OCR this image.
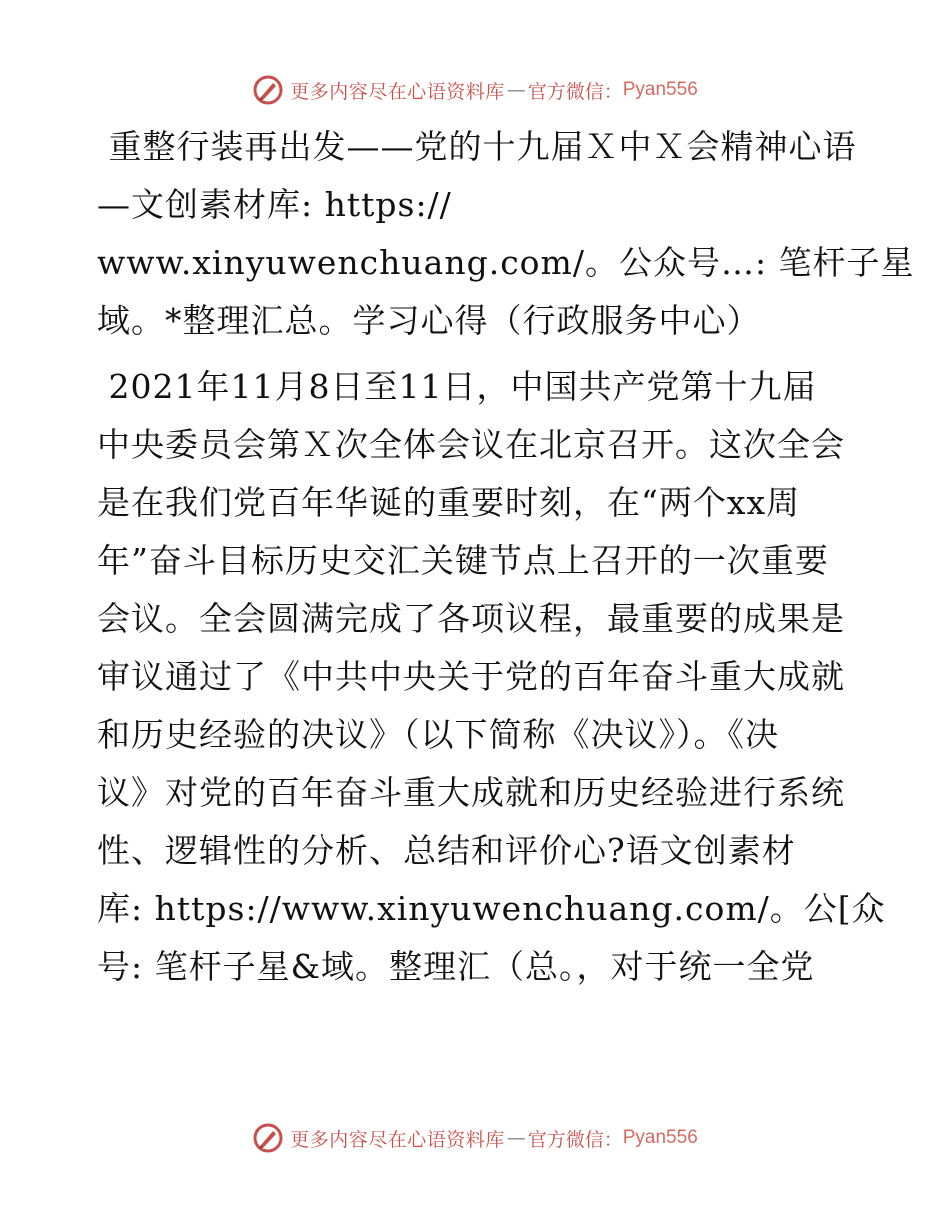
更多内容尽在心语资料库 — 官方微信： Pyan556
重整行装再出发——党的十九届Ｘ中Ｘ会精神心语
—文创素材库: https://
www.xinyuwenchuang.com/。公众号…: 笔杆子星
域。*整理汇总。学习心得（行政服务中心）
2021年11月8日至11日，中国共产党第十九届
中央委员会第Ｘ次全体会议在北京召开。这次全会
是在我们党百年华诞的重要时刻，在“两个xx周
年”奋斗目标历史交汇关键节点上召开的一次重要
会议。全会圆满完成了各项议程，最重要的成果是
审议通过了《中共中央关于党的百年奋斗重大成就
和历史经验的决议》（以下简称《决议》）。《决
议》对党的百年奋斗重大成就和历史经验进行系统
性、逻辑性的分析、总结和评价心?语文创素材
库: https://www.xinyuwenchuang.com/。公[众
号: 笔杆子星&域。整理汇（总。，对于统一全党
更多内容尽在心语资料库 — 官方微信： Pyan556
